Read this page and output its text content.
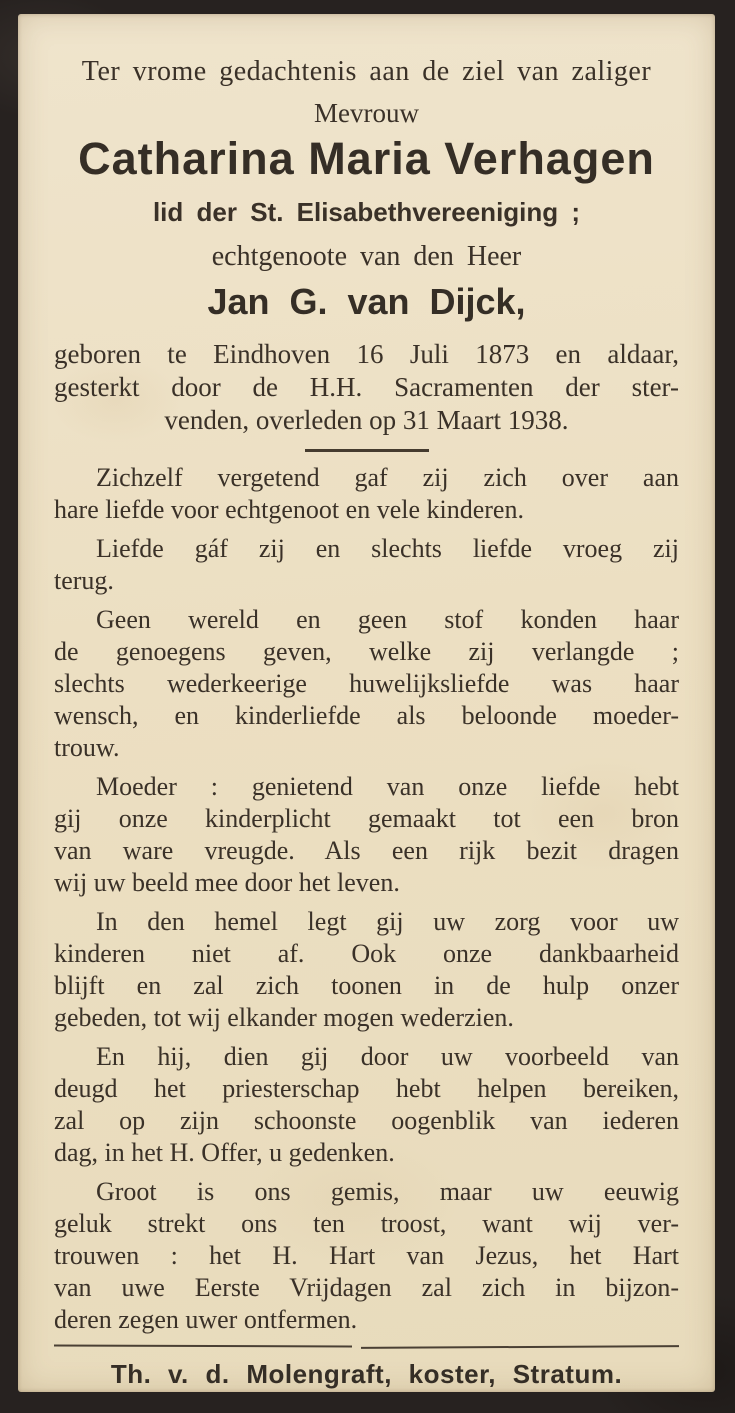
Ter vrome gedachtenis aan de ziel van zaliger
Mevrouw
Catharina Maria Verhagen
lid der St. Elisabethvereeniging ;
echtgenoote van den Heer
Jan G. van Dijck,
geboren te Eindhoven 16 Juli 1873 en aldaar,
gesterkt door de H.H. Sacramenten der ster-
venden, overleden op 31 Maart 1938.

Zichzelf vergetend gaf zij zich over aan
hare liefde voor echtgenoot en vele kinderen.

Liefde gáf zij en slechts liefde vroeg zij
terug.

Geen wereld en geen stof konden haar
de genoegens geven, welke zij verlangde ;
slechts wederkeerige huwelijksliefde was haar
wensch, en kinderliefde als beloonde moeder-
trouw.

Moeder : genietend van onze liefde hebt
gij onze kinderplicht gemaakt tot een bron
van ware vreugde. Als een rijk bezit dragen
wij uw beeld mee door het leven.

In den hemel legt gij uw zorg voor uw
kinderen niet af. Ook onze dankbaarheid
blijft en zal zich toonen in de hulp onzer
gebeden, tot wij elkander mogen wederzien.

En hij, dien gij door uw voorbeeld van
deugd het priesterschap hebt helpen bereiken,
zal op zijn schoonste oogenblik van iederen
dag, in het H. Offer, u gedenken.

Groot is ons gemis, maar uw eeuwig
geluk strekt ons ten troost, want wij ver-
trouwen : het H. Hart van Jezus, het Hart
van uwe Eerste Vrijdagen zal zich in bijzon-
deren zegen uwer ontfermen.

Th. v. d. Molengraft, koster, Stratum.
